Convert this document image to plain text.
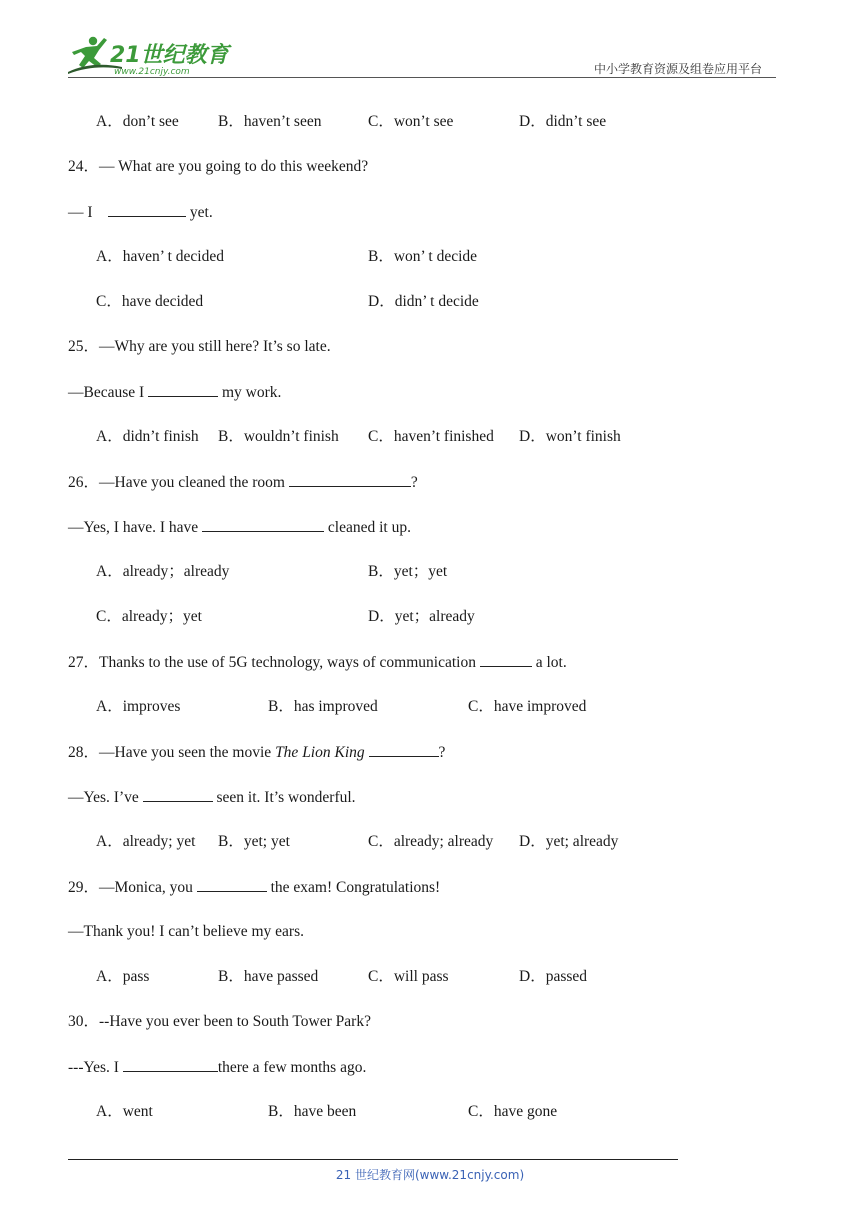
21世纪教育
www.21cnjy.com	中小学教育资源及组卷应用平台
A．don’t see	B．haven’t seen	C．won’t see	D．didn’t see
24．— What are you going to do this weekend?
— I	yet.
A．haven’ t decided	B．won’ t decide
C．have decided	D．didn’ t decide
25．—Why are you still here? It’s so late.
—Because I	my work.
A．didn’t finish B．wouldn’t finish C．haven’t finished D．won’t finish
26．—Have you cleaned the room	?
—Yes, I have. I have	cleaned it up.
A．already；already	B．yet；yet
C．already；yet	D．yet；already
27．Thanks to the use of 5G technology, ways of communication	a lot.
A．improves	B．has improved	C．have improved
28．—Have you seen the movie The Lion King	?
—Yes. I’ve	seen it. It’s wonderful.
A．already; yet B．yet; yet	C．already; already D．yet; already
29．—Monica, you	the exam! Congratulations!
—Thank you! I can’t believe my ears.
A．pass	B．have passed	C．will pass	D．passed
30．--Have you ever been to South Tower Park?
---Yes. I	there a few months ago.
A．went	B．have been	C．have gone
21 世纪教育网(www.21cnjy.com)
